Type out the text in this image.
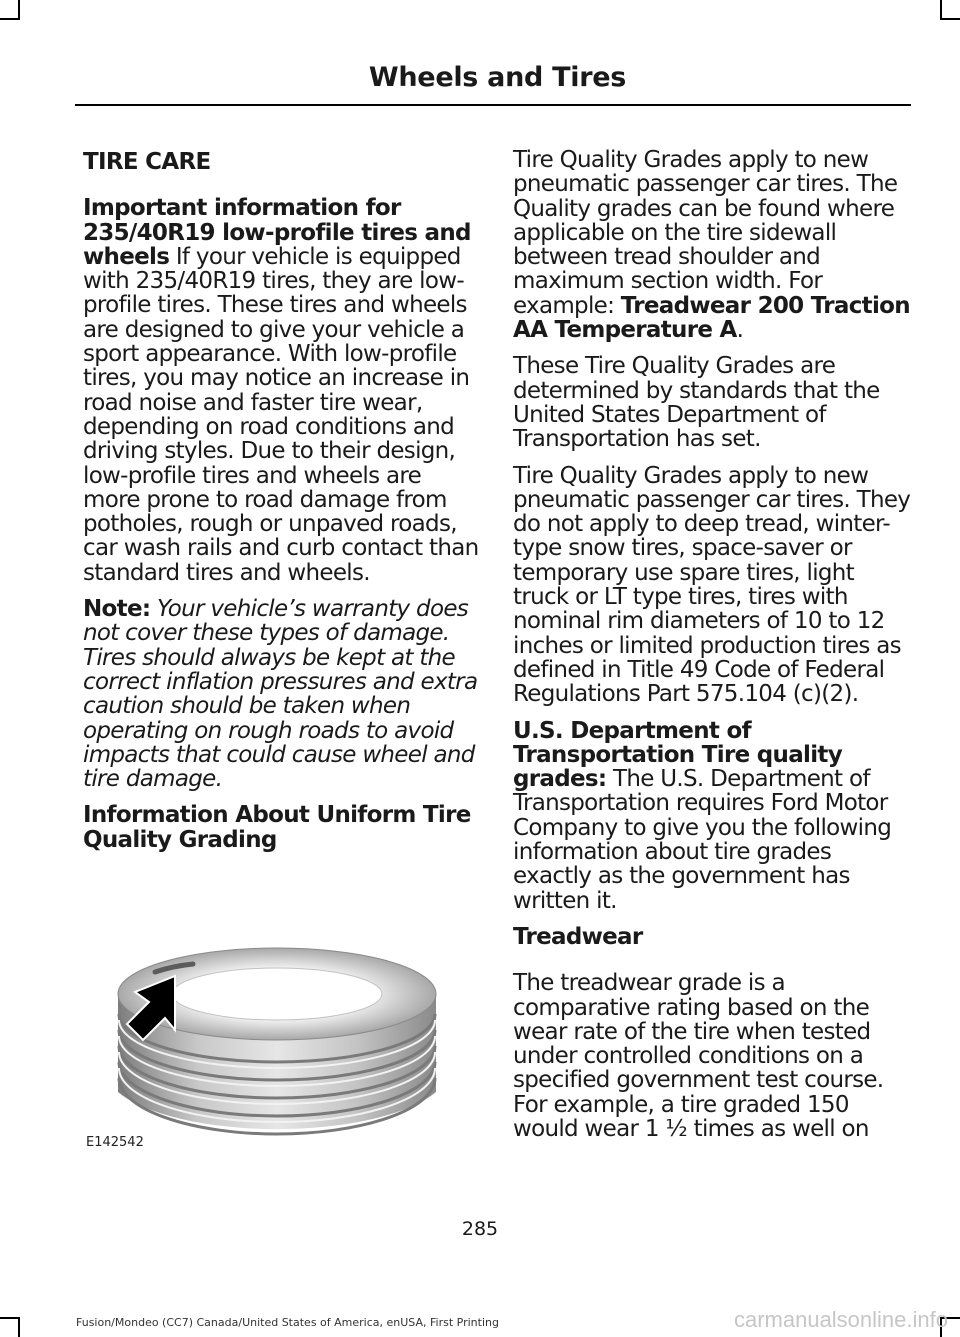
Wheels and Tires

TIRE CARE

Important information for 235/40R19 low-profile tires and wheels If your vehicle is equipped with 235/40R19 tires, they are low-profile tires. These tires and wheels are designed to give your vehicle a sport appearance. With low-profile tires, you may notice an increase in road noise and faster tire wear, depending on road conditions and driving styles. Due to their design, low-profile tires and wheels are more prone to road damage from potholes, rough or unpaved roads, car wash rails and curb contact than standard tires and wheels.

Note: Your vehicle’s warranty does not cover these types of damage. Tires should always be kept at the correct inflation pressures and extra caution should be taken when operating on rough roads to avoid impacts that could cause wheel and tire damage.

Information About Uniform Tire Quality Grading

E142542

Tire Quality Grades apply to new pneumatic passenger car tires. The Quality grades can be found where applicable on the tire sidewall between tread shoulder and maximum section width. For example: Treadwear 200 Traction AA Temperature A.

These Tire Quality Grades are determined by standards that the United States Department of Transportation has set.

Tire Quality Grades apply to new pneumatic passenger car tires. They do not apply to deep tread, winter-type snow tires, space-saver or temporary use spare tires, light truck or LT type tires, tires with nominal rim diameters of 10 to 12 inches or limited production tires as defined in Title 49 Code of Federal Regulations Part 575.104 (c)(2).

U.S. Department of Transportation Tire quality grades: The U.S. Department of Transportation requires Ford Motor Company to give you the following information about tire grades exactly as the government has written it.

Treadwear

The treadwear grade is a comparative rating based on the wear rate of the tire when tested under controlled conditions on a specified government test course. For example, a tire graded 150 would wear 1 ½ times as well on

285
Fusion/Mondeo (CC7) Canada/United States of America, enUSA, First Printing	carmanualsonline.info
